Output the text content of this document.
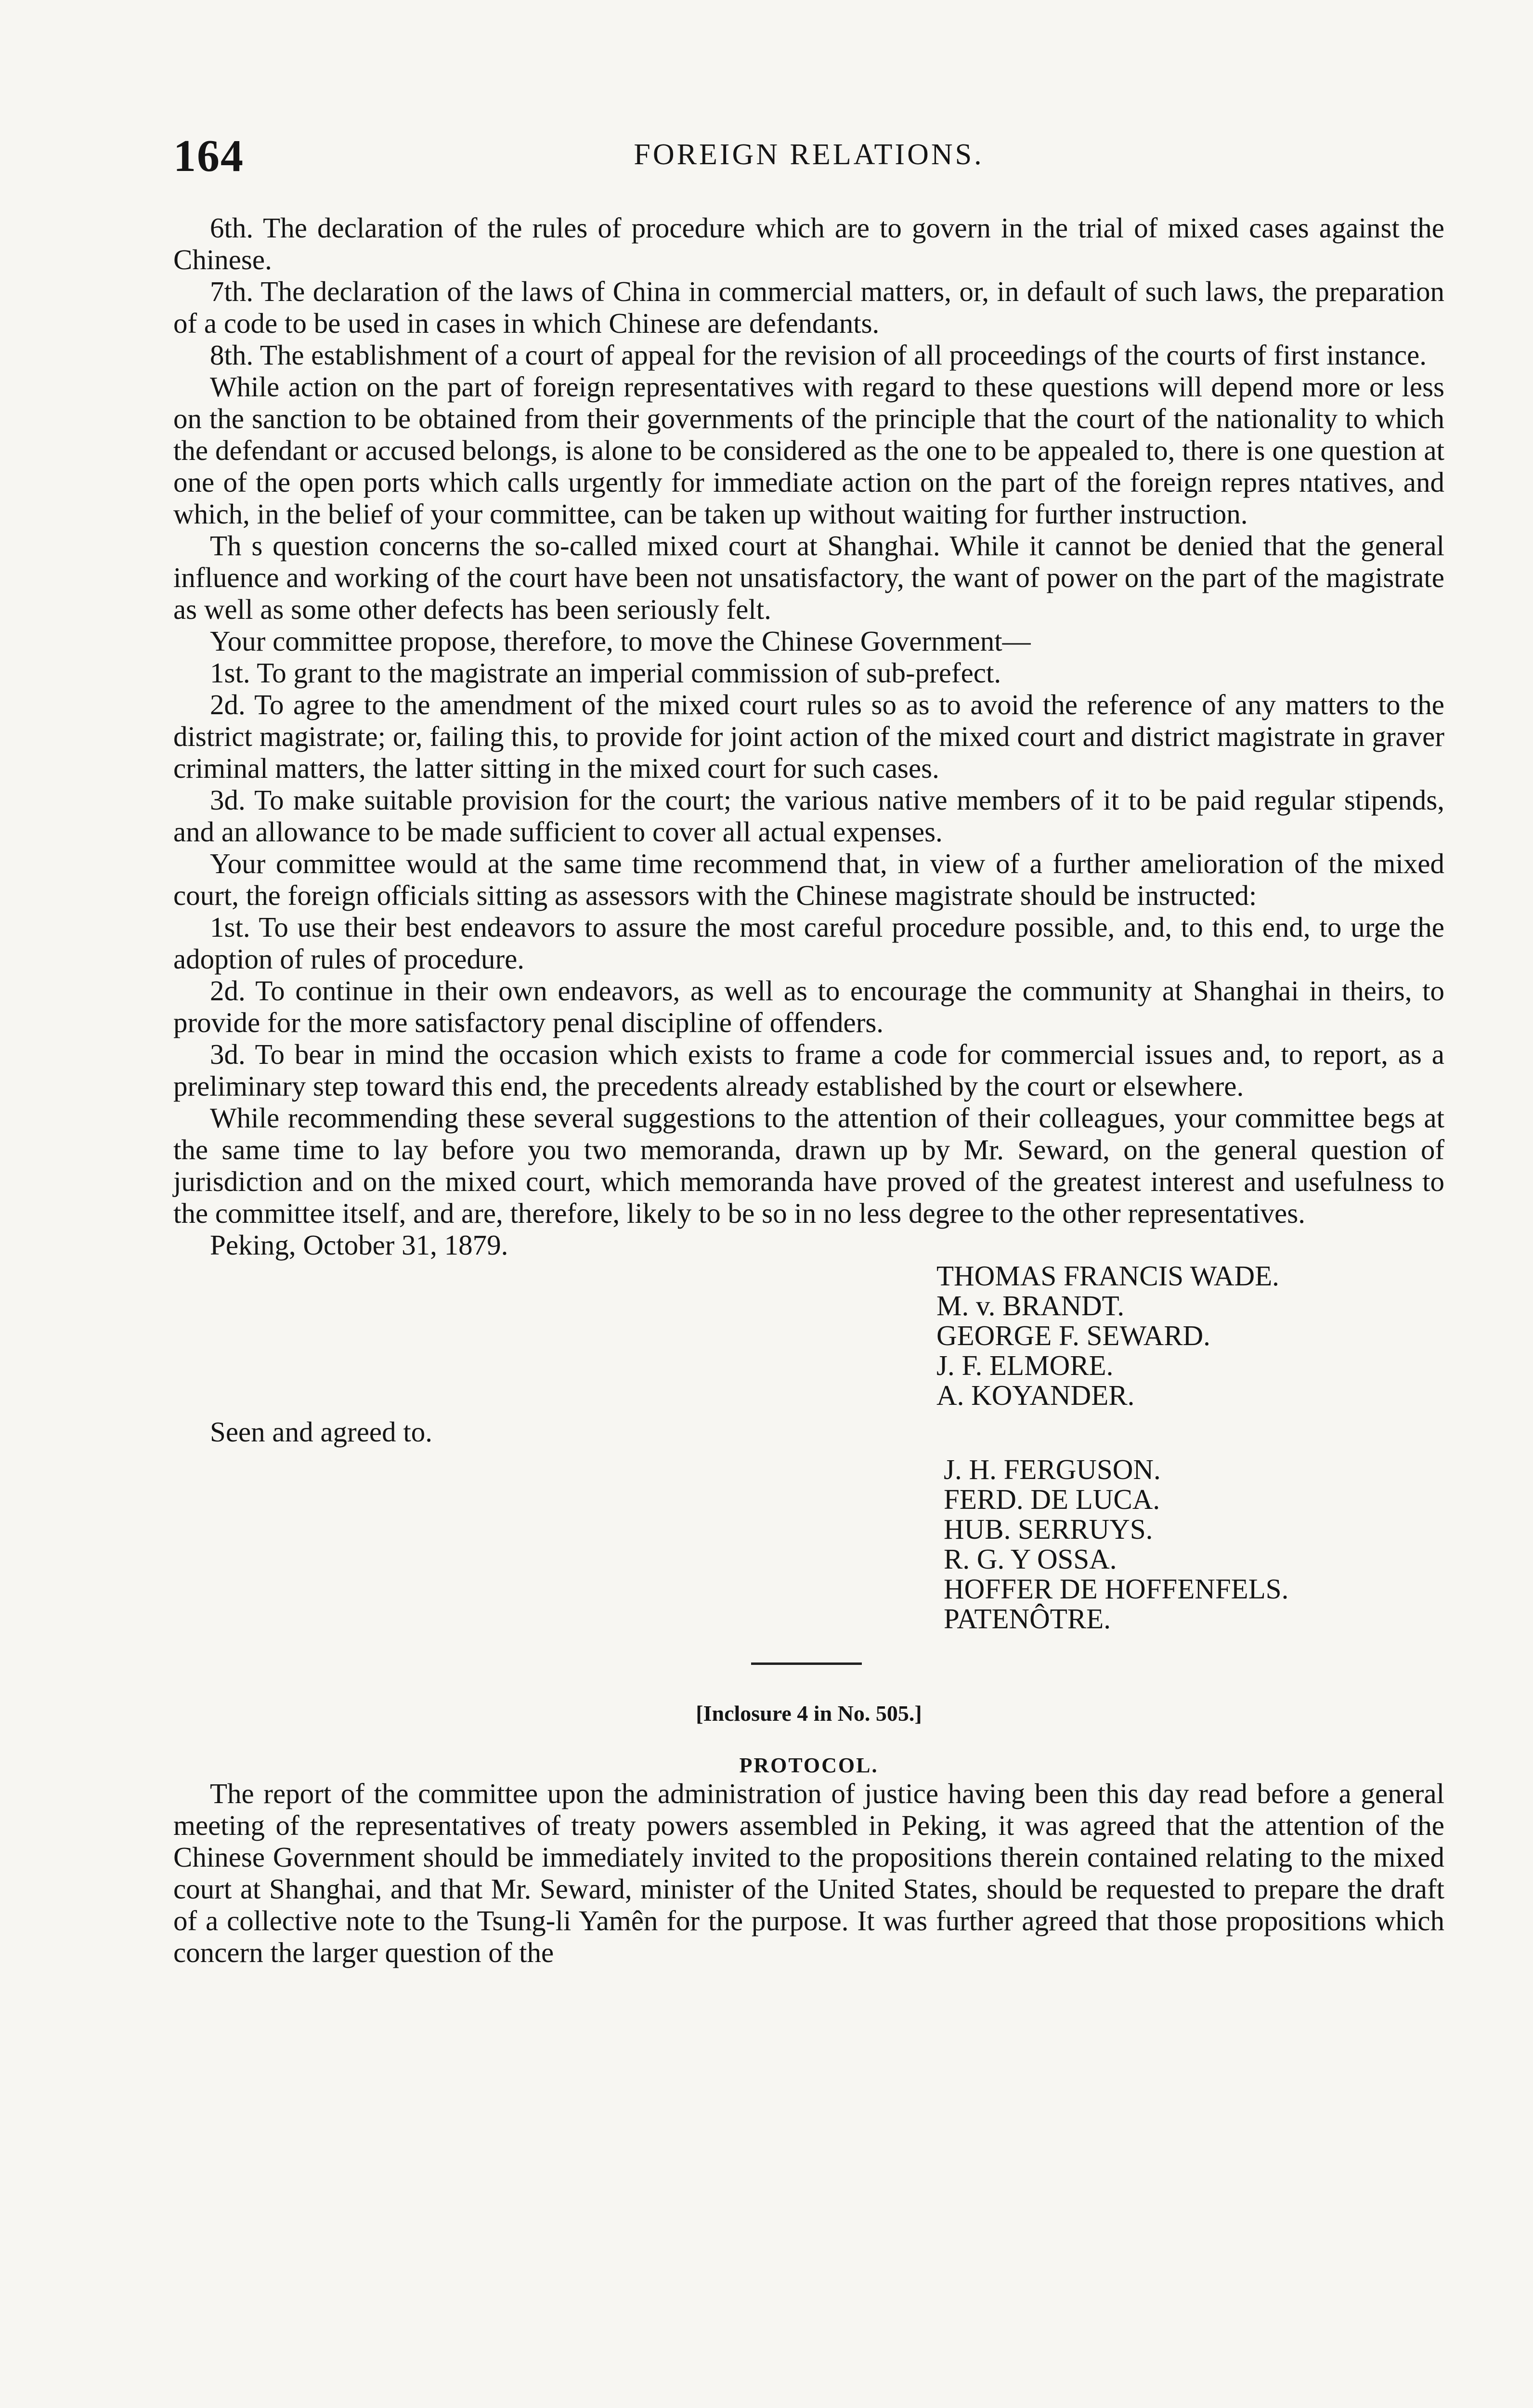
164	FOREIGN RELATIONS.

6th. The declaration of the rules of procedure which are to govern in the trial of mixed cases against the Chinese.

7th. The declaration of the laws of China in commercial matters, or, in default of such laws, the preparation of a code to be used in cases in which Chinese are defendants.

8th. The establishment of a court of appeal for the revision of all proceedings of the courts of first instance.

While action on the part of foreign representatives with regard to these questions will depend more or less on the sanction to be obtained from their governments of the principle that the court of the nationality to which the defendant or accused belongs, is alone to be considered as the one to be appealed to, there is one question at one of the open ports which calls urgently for immediate action on the part of the foreign repres ntatives, and which, in the belief of your committee, can be taken up without waiting for further instruction.

Th s question concerns the so-called mixed court at Shanghai. While it cannot be denied that the general influence and working of the court have been not unsatisfactory, the want of power on the part of the magistrate as well as some other defects has been seriously felt.

Your committee propose, therefore, to move the Chinese Government—

1st. To grant to the magistrate an imperial commission of sub-prefect.

2d. To agree to the amendment of the mixed court rules so as to avoid the reference of any matters to the district magistrate; or, failing this, to provide for joint action of the mixed court and district magistrate in graver criminal matters, the latter sitting in the mixed court for such cases.

3d. To make suitable provision for the court; the various native members of it to be paid regular stipends, and an allowance to be made sufficient to cover all actual expenses.

Your committee would at the same time recommend that, in view of a further amelioration of the mixed court, the foreign officials sitting as assessors with the Chinese magistrate should be instructed:

1st. To use their best endeavors to assure the most careful procedure possible, and, to this end, to urge the adoption of rules of procedure.

2d. To continue in their own endeavors, as well as to encourage the community at Shanghai in theirs, to provide for the more satisfactory penal discipline of offenders.

3d. To bear in mind the occasion which exists to frame a code for commercial issues and, to report, as a preliminary step toward this end, the precedents already established by the court or elsewhere.

While recommending these several suggestions to the attention of their colleagues, your committee begs at the same time to lay before you two memoranda, drawn up by Mr. Seward, on the general question of jurisdiction and on the mixed court, which memoranda have proved of the greatest interest and usefulness to the committee itself, and are, therefore, likely to be so in no less degree to the other representatives.

Peking, October 31, 1879.

THOMAS FRANCIS WADE.
M. v. BRANDT.
GEORGE F. SEWARD.
J. F. ELMORE.
A. KOYANDER.
Seen and agreed to.
J. H. FERGUSON.
FERD. DE LUCA.
HUB. SERRUYS.
R. G. Y OSSA.
HOFFER DE HOFFENFELS.
PATENÔTRE.
[Inclosure 4 in No. 505.]
PROTOCOL.

The report of the committee upon the administration of justice having been this day read before a general meeting of the representatives of treaty powers assembled in Peking, it was agreed that the attention of the Chinese Government should be immediately invited to the propositions therein contained relating to the mixed court at Shanghai, and that Mr. Seward, minister of the United States, should be requested to prepare the draft of a collective note to the Tsung-li Yamên for the purpose. It was further agreed that those propositions which concern the larger question of the
